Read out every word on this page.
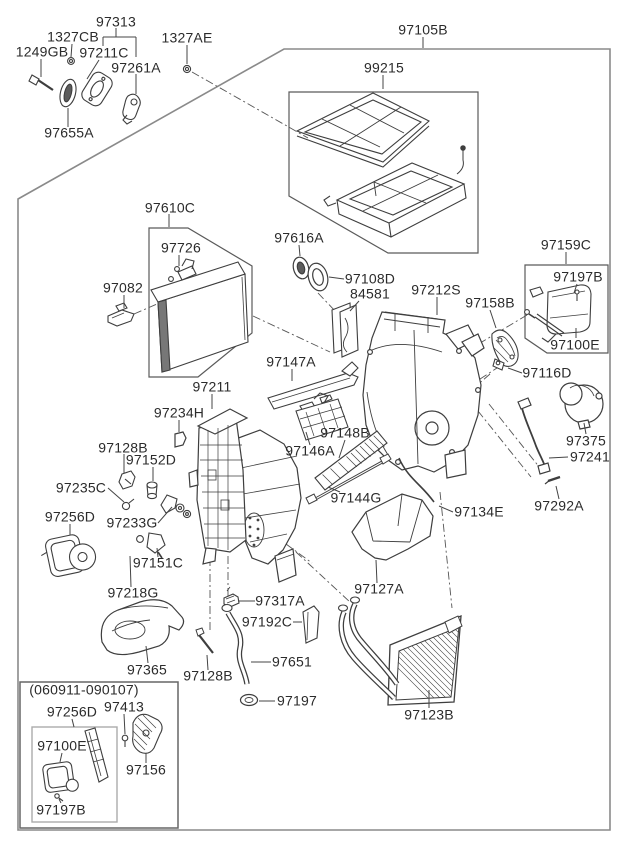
97313
1327CB
1249GB 97211C
97261A
1327AE
97655A
97105B
99215
97610C
97726
97082
97616A
97108D
84581 97212S
97158B
97159C
97197B
97100E
97116D
97375
97241
97292A
97134E
97147A
97211
97234H
97148B
97146A
97144G
97128B
97152D
97235C
97233G
97256D
97151C
97218G
97365
97127A
97317A
97192C
97651
97128B
97197
97123B
(060911-090107)
97256D 97413
97100E
97156
97197B
